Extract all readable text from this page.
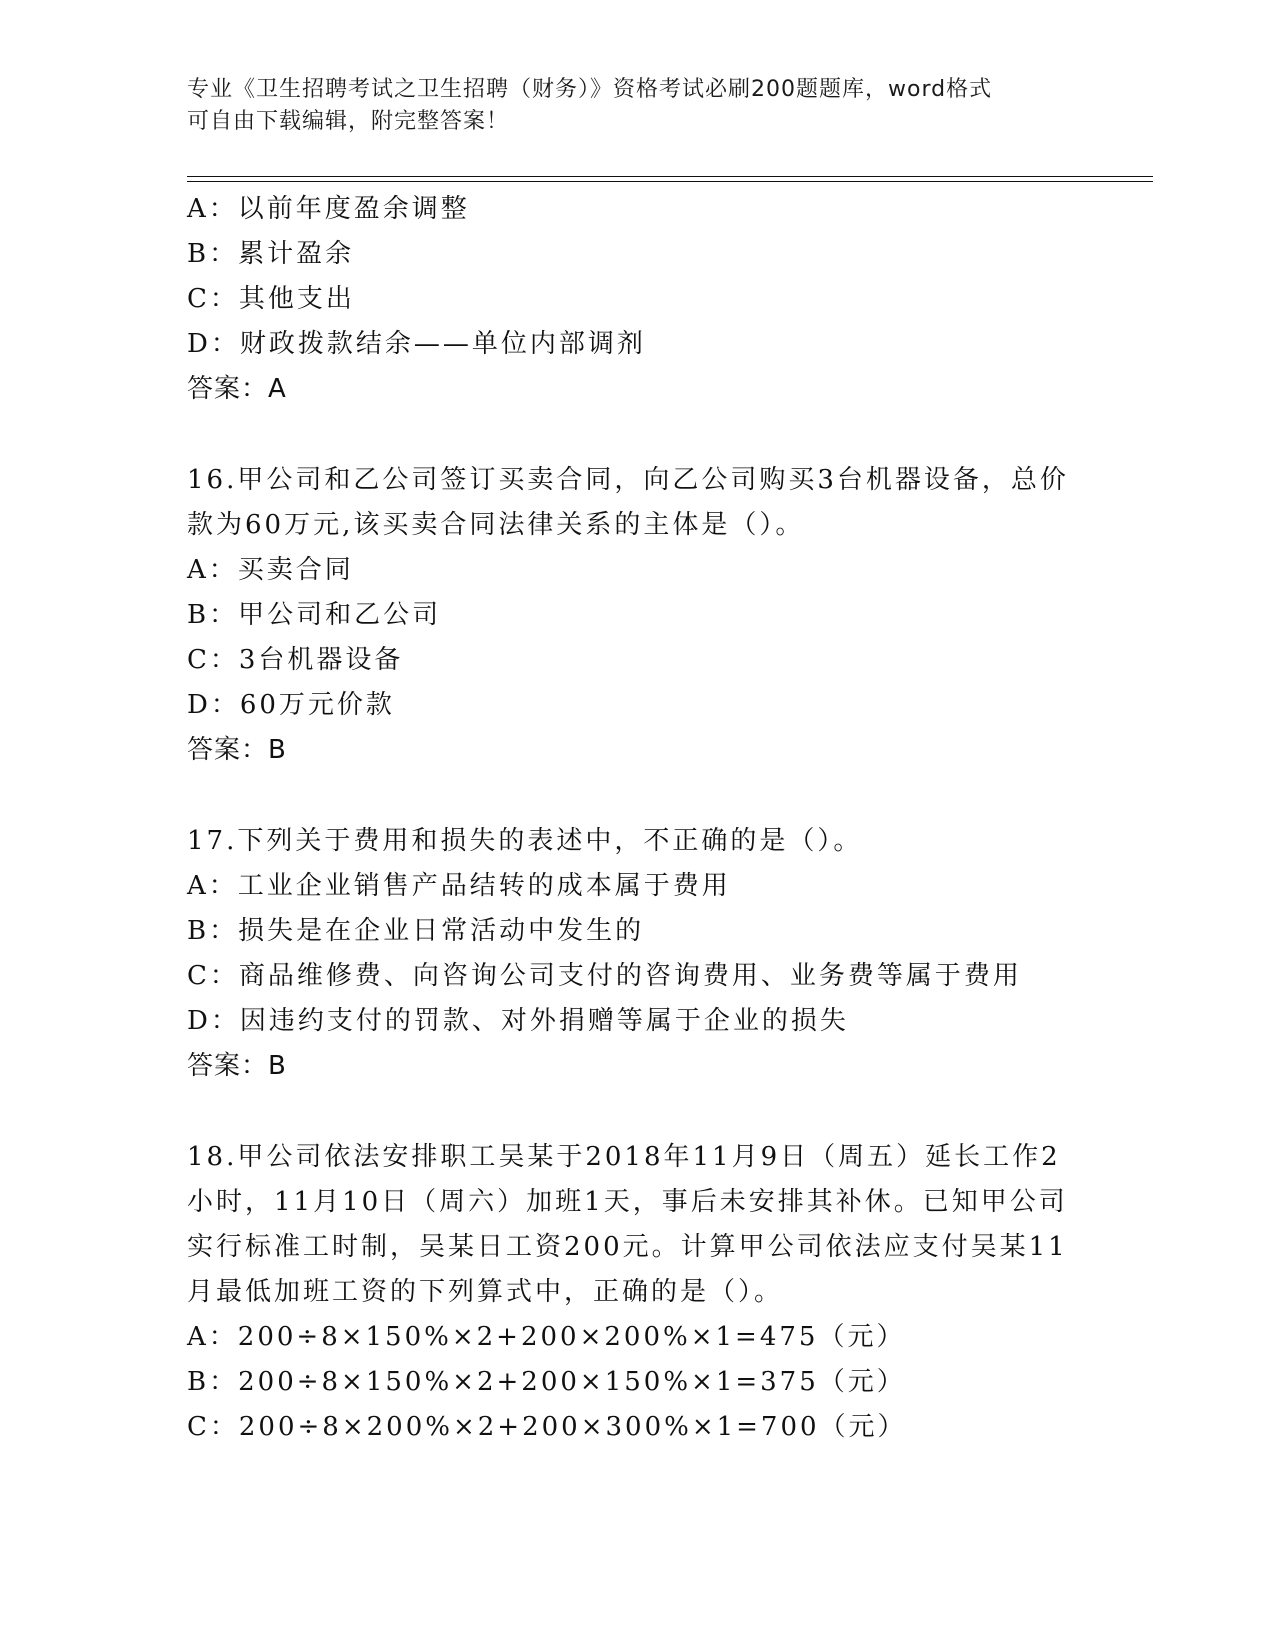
专业《卫生招聘考试之卫生招聘（财务）》资格考试必刷200题题库，word格式
可自由下载编辑，附完整答案！
A：以前年度盈余调整
B：累计盈余
C：其他支出
D：财政拨款结余——单位内部调剂
答案：A
16.甲公司和乙公司签订买卖合同，向乙公司购买3台机器设备，总价
款为60万元,该买卖合同法律关系的主体是（）。
A：买卖合同
B：甲公司和乙公司
C：3台机器设备
D：60万元价款
答案：B
17.下列关于费用和损失的表述中，不正确的是（）。
A：工业企业销售产品结转的成本属于费用
B：损失是在企业日常活动中发生的
C：商品维修费、向咨询公司支付的咨询费用、业务费等属于费用
D：因违约支付的罚款、对外捐赠等属于企业的损失
答案：B
18.甲公司依法安排职工吴某于2018年11月9日（周五）延长工作2
小时，11月10日（周六）加班1天，事后未安排其补休。已知甲公司
实行标准工时制，吴某日工资200元。计算甲公司依法应支付吴某11
月最低加班工资的下列算式中，正确的是（）。
A：200÷8×150%×2+200×200%×1=475（元）
B：200÷8×150%×2+200×150%×1=375（元）
C：200÷8×200%×2+200×300%×1=700（元）
